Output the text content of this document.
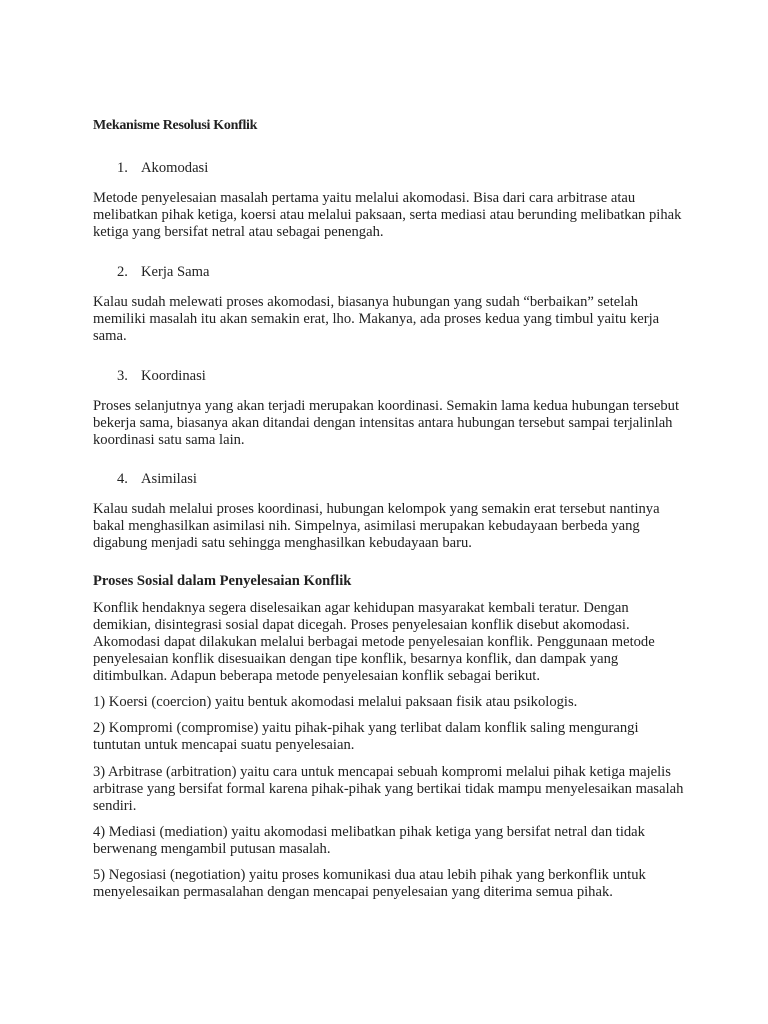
Mekanisme Resolusi Konflik

1. Akomodasi

Metode penyelesaian masalah pertama yaitu melalui akomodasi. Bisa dari cara arbitrase atau melibatkan pihak ketiga, koersi atau melalui paksaan, serta mediasi atau berunding melibatkan pihak ketiga yang bersifat netral atau sebagai penengah.

2. Kerja Sama

Kalau sudah melewati proses akomodasi, biasanya hubungan yang sudah “berbaikan” setelah memiliki masalah itu akan semakin erat, lho. Makanya, ada proses kedua yang timbul yaitu kerja sama.

3. Koordinasi

Proses selanjutnya yang akan terjadi merupakan koordinasi. Semakin lama kedua hubungan tersebut bekerja sama, biasanya akan ditandai dengan intensitas antara hubungan tersebut sampai terjalinlah koordinasi satu sama lain.

4. Asimilasi

Kalau sudah melalui proses koordinasi, hubungan kelompok yang semakin erat tersebut nantinya bakal menghasilkan asimilasi nih. Simpelnya, asimilasi merupakan kebudayaan berbeda yang digabung menjadi satu sehingga menghasilkan kebudayaan baru.

Proses Sosial dalam Penyelesaian Konflik

Konflik hendaknya segera diselesaikan agar kehidupan masyarakat kembali teratur. Dengan demikian, disintegrasi sosial dapat dicegah. Proses penyelesaian konflik disebut akomodasi. Akomodasi dapat dilakukan melalui berbagai metode penyelesaian konflik. Penggunaan metode penyelesaian konflik disesuaikan dengan tipe konflik, besarnya konflik, dan dampak yang ditimbulkan. Adapun beberapa metode penyelesaian konflik sebagai berikut.

1) Koersi (coercion) yaitu bentuk akomodasi melalui paksaan fisik atau psikologis.

2) Kompromi (compromise) yaitu pihak-pihak yang terlibat dalam konflik saling mengurangi tuntutan untuk mencapai suatu penyelesaian.

3) Arbitrase (arbitration) yaitu cara untuk mencapai sebuah kompromi melalui pihak ketiga majelis arbitrase yang bersifat formal karena pihak-pihak yang bertikai tidak mampu menyelesaikan masalah sendiri.

4) Mediasi (mediation) yaitu akomodasi melibatkan pihak ketiga yang bersifat netral dan tidak berwenang mengambil putusan masalah.

5) Negosiasi (negotiation) yaitu proses komunikasi dua atau lebih pihak yang berkonflik untuk menyelesaikan permasalahan dengan mencapai penyelesaian yang diterima semua pihak.
